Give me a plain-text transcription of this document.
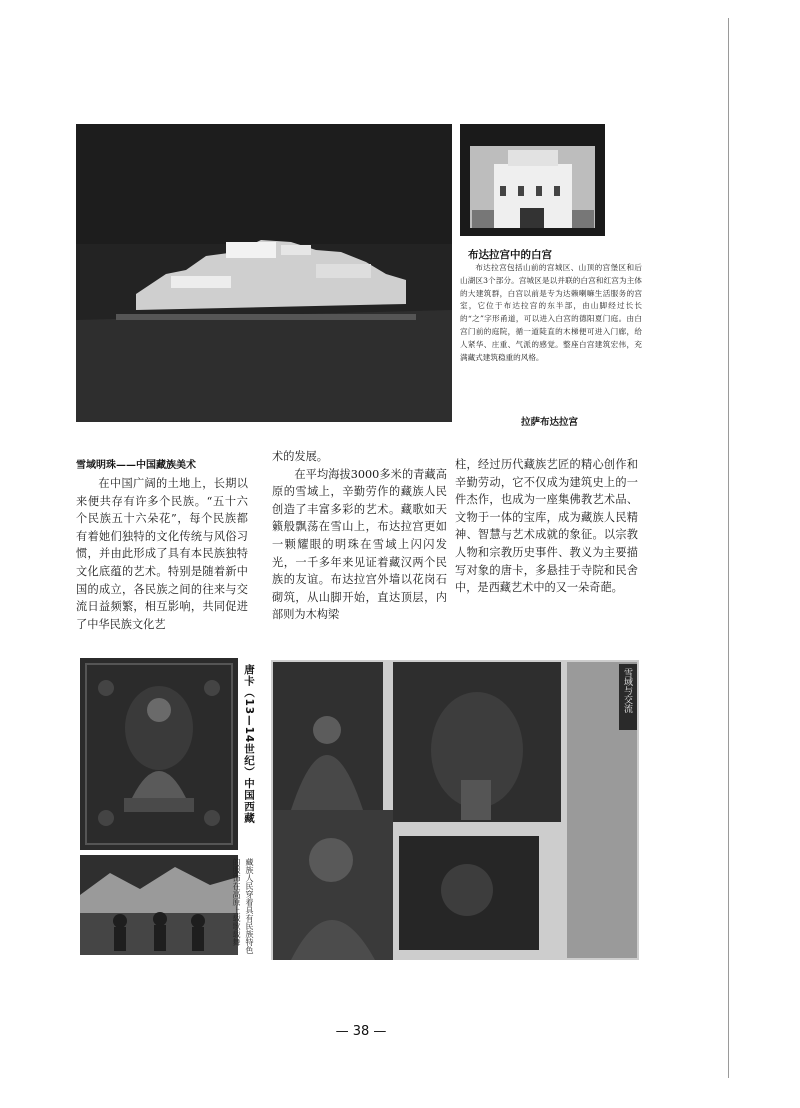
拉萨布达拉宫
布达拉宫中的白宫
布达拉宫包括山前的宫城区、山顶的宫堡区和后山湖区3个部分。宫城区是以并联的白宫和红宫为主体的大建筑群，白宫以前是专为达赖喇嘛生活服务的宫室，它位于布达拉宫的东半部，由山脚经过长长的“之”字形甬道，可以进入白宫的德阳夏门庭。由白宫门前的庭院，循一道陡直的木梯便可进入门廊，给人紧华、庄重、气派的感觉。整座白宫建筑宏伟，充满藏式建筑稳重的风格。
雪域明珠——中国藏族美术

在中国广阔的土地上，长期以来便共存有许多个民族。“五十六个民族五十六朵花”，每个民族都有着她们独特的文化传统与风俗习惯，并由此形成了具有本民族独特文化底蕴的艺术。特别是随着新中国的成立，各民族之间的往来与交流日益频繁，相互影响，共同促进了中华民族文化艺

术的发展。

在平均海拔3000多米的青藏高原的雪域上，辛勤劳作的藏族人民创造了丰富多彩的艺术。藏歌如天籁般飘荡在雪山上，布达拉宫更如一颗耀眼的明珠在雪域上闪闪发光，一千多年来见证着藏汉两个民族的友谊。布达拉宫外墙以花岗石砌筑，从山脚开始，直达顶层，内部则为木构梁

柱，经过历代藏族艺匠的精心创作和辛勤劳动，它不仅成为建筑史上的一件杰作，也成为一座集佛教艺术品、文物于一体的宝库，成为藏族人民精神、智慧与艺术成就的象征。以宗教人物和宗教历史事件、教义为主要描写对象的唐卡，多悬挂于寺院和民舍中，是西藏艺术中的又一朵奇葩。

唐卡（13—14世纪）中国西藏
藏族人民穿着具有民族特色的服饰在高原上载歌载舞
雪域与交流
— 38 —
